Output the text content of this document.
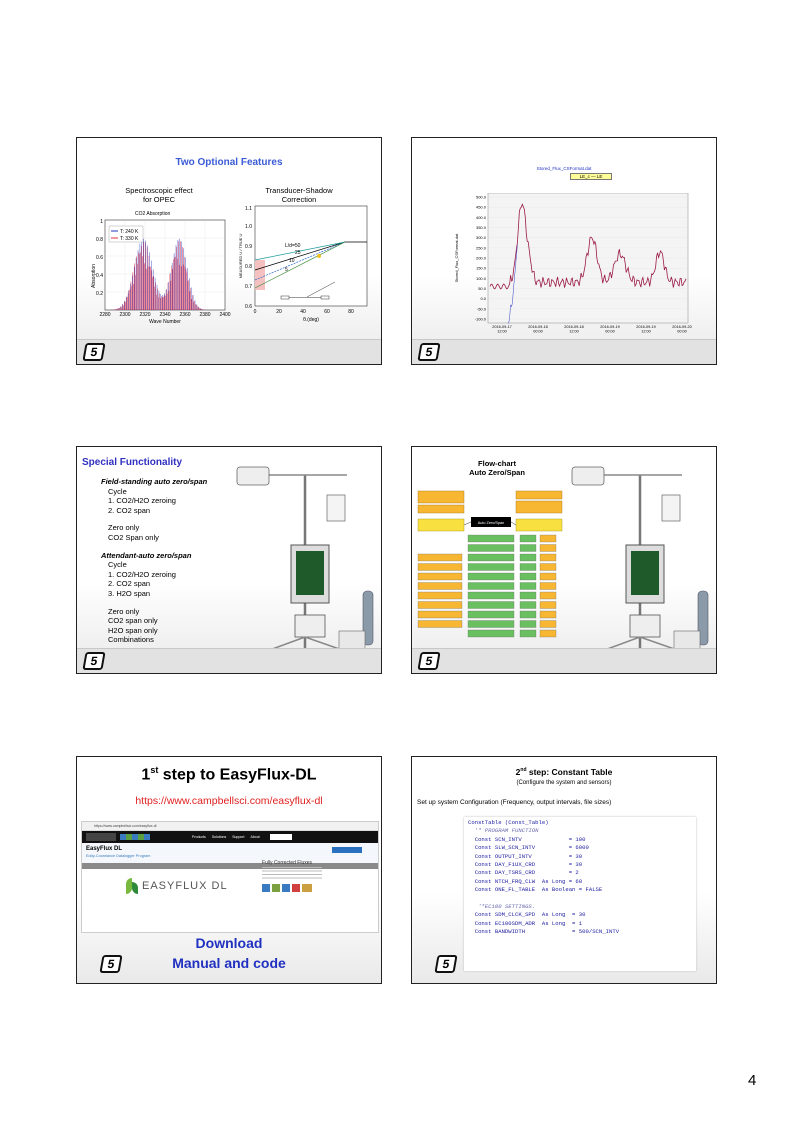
Two Optional Features
Spectroscopic effect
for OPEC
Transducer-Shadow
Correction
CO2 Absorption
0.2
0.4
0.6
0.8
1
2280 2300 2320 2340 2360 2380 2400
Wave Number
Absorption
T: 240 K
T: 330 K
L/d=50
25
10
5
0.6
0.7
0.8
0.9
1.0
1.1
0	20	40	60	80
θ.(deg)
MEASURED U / TRUE U
5
Stored_Flux_CSFormat.dat
LE_c — LE
500.0
450.0
400.0
350.0
300.0
250.0
200.0
150.0
100.0
50.0
0.0
-50.0
-100.0
2016-09-17
12:00
2016-09-18
00:00
2016-09-18
12:00
2016-09-19
00:00
2016-09-19
12:00
2016-09-20
00:00
Stored_Flux_CSFormat.dat
5
Special Functionality
Field-standing auto zero/span
Cycle
1. CO2/H2O zeroing
2. CO2 span
Zero only
CO2 Span only
Attendant-auto zero/span
Cycle
1. CO2/H2O zeroing
2. CO2 span
3. H2O span
Zero only
CO2 span only
H2O span only
Combinations
5
Flow-chart
Auto Zero/Span
Auto Zero/Span
5
1st step to EasyFlux-DL
https://www.campbellsci.com/easyflux-dl
https://www.campbellsci.com/easyflux-dl
Products Solutions Support About
EasyFlux DL
Eddy-Covariance Datalogger Program
EASYFLUX DL
Fully Corrected Fluxes
Download
Manual and code
5
2nd step: Constant Table
(Configure the system and sensors)
Set up system Configuration (Frequency, output intervals, file sizes)
ConstTable (Const_Table)
'* PROGRAM FUNCTION
Const SCN_INTV              = 100
Const SLW_SCN_INTV          = 6000
Const OUTPUT_INTV           = 30
Const DAY_F1UX_CRD          = 30
Const DAY_TSRS_CRD          = 2
Const NTCH_FRQ_CLW  As Long = 60
Const ONE_FL_TABLE  As Boolean = FALSE

'*EC100 SETTINGS.
Const SDM_CLCK_SPD  As Long  = 30
Const EC100SDM_ADR  As Long  = 1
Const BANDWIDTH              = 500/SCN_INTV
5
4
